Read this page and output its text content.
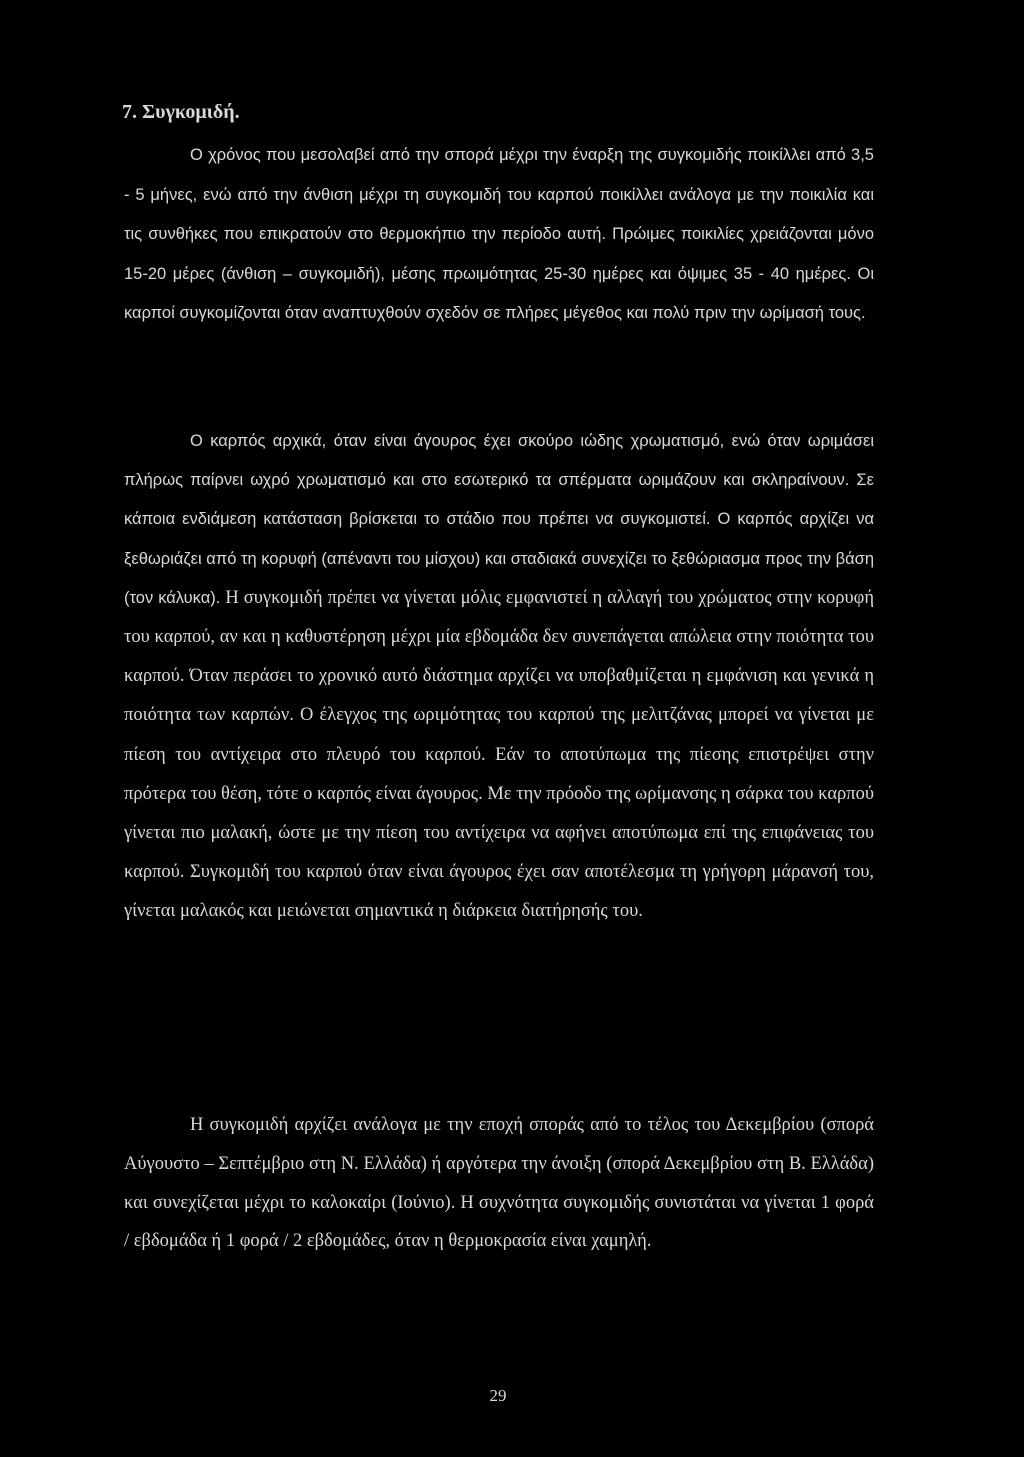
7. Συγκομιδή.

Ο χρόνος που μεσολαβεί από την σπορά μέχρι την έναρξη της συγκομιδής ποικίλλει από 3,5 - 5 μήνες, ενώ από την άνθιση μέχρι τη συγκομιδή του καρπού ποικίλλει ανάλογα με την ποικιλία και τις συνθήκες που επικρατούν στο θερμοκήπιο την περίοδο αυτή. Πρώιμες ποικιλίες χρειάζονται μόνο 15-20 μέρες (άνθιση – συγκομιδή), μέσης πρωιμότητας 25-30 ημέρες και όψιμες 35 - 40 ημέρες. Οι καρποί συγκομίζονται όταν αναπτυχθούν σχεδόν σε πλήρες μέγεθος και πολύ πριν την ωρίμασή τους.

Ο καρπός αρχικά, όταν είναι άγουρος έχει σκούρο ιώδης χρωματισμό, ενώ όταν ωριμάσει πλήρως παίρνει ωχρό χρωματισμό και στο εσωτερικό τα σπέρματα ωριμάζουν και σκληραίνουν. Σε κάποια ενδιάμεση κατάσταση βρίσκεται το στάδιο που πρέπει να συγκομιστεί. Ο καρπός αρχίζει να ξεθωριάζει από τη κορυφή (απέναντι του μίσχου) και σταδιακά συνεχίζει το ξεθώριασμα προς την βάση (τον κάλυκα). Η συγκομιδή πρέπει να γίνεται μόλις εμφανιστεί η αλλαγή του χρώματος στην κορυφή του καρπού, αν και η καθυστέρηση μέχρι μία εβδομάδα δεν συνεπάγεται απώλεια στην ποιότητα του καρπού. Όταν περάσει το χρονικό αυτό διάστημα αρχίζει να υποβαθμίζεται η εμφάνιση και γενικά η ποιότητα των καρπών. Ο έλεγχος της ωριμότητας του καρπού της μελιτζάνας μπορεί να γίνεται με πίεση του αντίχειρα στο πλευρό του καρπού. Εάν το αποτύπωμα της πίεσης επιστρέψει στην πρότερα του θέση, τότε ο καρπός είναι άγουρος. Με την πρόοδο της ωρίμανσης η σάρκα του καρπού γίνεται πιο μαλακή, ώστε με την πίεση του αντίχειρα να αφήνει αποτύπωμα επί της επιφάνειας του καρπού. Συγκομιδή του καρπού όταν είναι άγουρος έχει σαν αποτέλεσμα τη γρήγορη μάρανσή του, γίνεται μαλακός και μειώνεται σημαντικά η διάρκεια διατήρησής του.

Η συγκομιδή αρχίζει ανάλογα με την εποχή σποράς από το τέλος του Δεκεμβρίου (σπορά Αύγουστο – Σεπτέμβριο στη Ν. Ελλάδα) ή αργότερα την άνοιξη (σπορά Δεκεμβρίου στη Β. Ελλάδα) και συνεχίζεται μέχρι το καλοκαίρι (Ιούνιο). Η συχνότητα συγκομιδής συνιστάται να γίνεται 1 φορά / εβδομάδα ή 1 φορά / 2 εβδομάδες, όταν η θερμοκρασία είναι χαμηλή.

29
